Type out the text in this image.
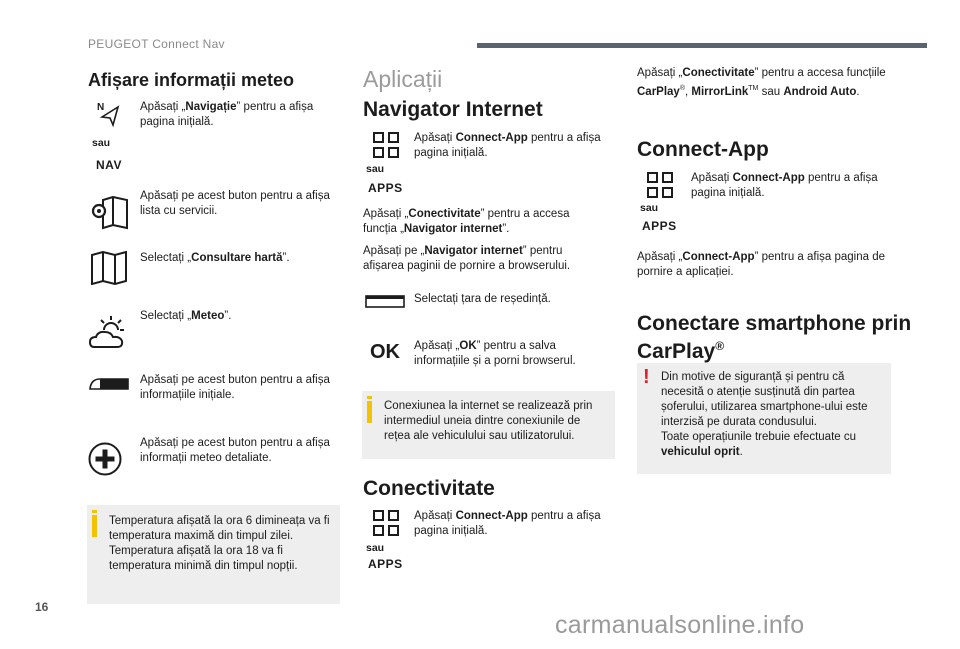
PEUGEOT Connect Nav
Afișare informații meteo
N
sau
NAV
Apăsați „Navigație” pentru a afișa pagina inițială.
Apăsați pe acest buton pentru a afișa lista cu servicii.
Selectați „Consultare hartă”.
Selectați „Meteo”.
Apăsați pe acest buton pentru a afișa informațiile inițiale.
Apăsați pe acest buton pentru a afișa informații meteo detaliate.
Temperatura afișată la ora 6 dimineața va fi temperatura maximă din timpul zilei. Temperatura afișată la ora 18 va fi temperatura minimă din timpul nopții.
Aplicații
Navigator Internet
sau
APPS
Apăsați Connect-App pentru a afișa pagina inițială.
Apăsați „Conectivitate” pentru a accesa funcția „Navigator internet”.
Apăsați pe „Navigator internet” pentru afișarea paginii de pornire a browserului.
Selectați țara de reședință.
OK Apăsați „OK” pentru a salva informațiile și a porni browserul.
Conexiunea la internet se realizează prin intermediul uneia dintre conexiunile de rețea ale vehiculului sau utilizatorului.
Conectivitate
sau
APPS
Apăsați Connect-App pentru a afișa pagina inițială.
Apăsați „Conectivitate” pentru a accesa funcțiile CarPlay®, MirrorLink™ sau Android Auto.
Connect-App
sau
APPS
Apăsați Connect-App pentru a afișa pagina inițială.
Apăsați „Connect-App” pentru a afișa pagina de pornire a aplicației.
Conectare smartphone prin
CarPlay®
! Din motive de siguranță și pentru că necesită o atenție susținută din partea șoferului, utilizarea smartphone-ului este interzisă pe durata condusului.
Toate operațiunile trebuie efectuate cu vehiculul oprit.
16
carmanualsonline.info
